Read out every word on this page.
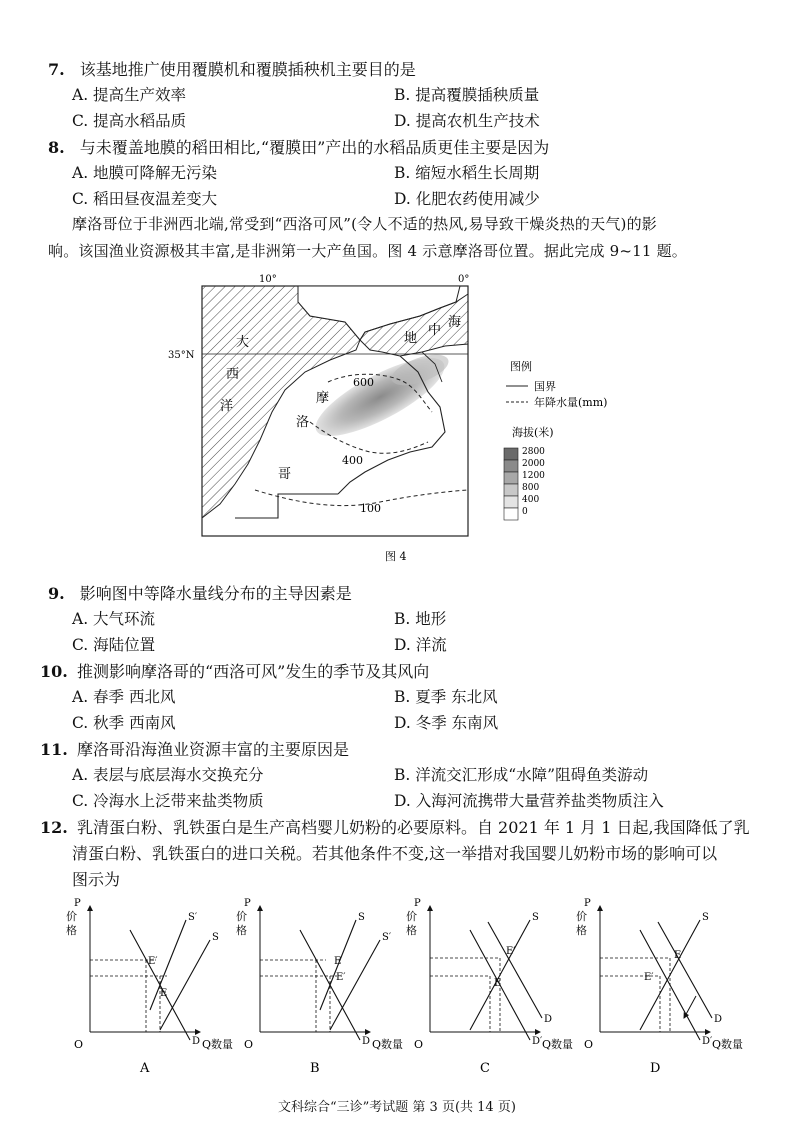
7. 该基地推广使用覆膜机和覆膜插秧机主要目的是
A. 提高生产效率	B. 提高覆膜插秧质量
C. 提高水稻品质	D. 提高农机生产技术
8. 与未覆盖地膜的稻田相比,“覆膜田”产出的水稻品质更佳主要是因为
A. 地膜可降解无污染	B. 缩短水稻生长周期
C. 稻田昼夜温差变大	D. 化肥农药使用减少
摩洛哥位于非洲西北端,常受到“西洛可风”(令人不适的热风,易导致干燥炎热的天气)的影
响。该国渔业资源极其丰富,是非洲第一大产鱼国。图 4 示意摩洛哥位置。据此完成 9~11 题。
10°	0°
35°N
大
西
洋
地
中
海
摩
洛
哥
600
400
100
图 4
图例
国界
年降水量(mm)
海拔(米)
2800
2000
1200
800
400
0
9. 影响图中等降水量线分布的主导因素是
A. 大气环流	B. 地形
C. 海陆位置	D. 洋流
10. 推测影响摩洛哥的“西洛可风”发生的季节及其风向
A. 春季 西北风	B. 夏季 东北风
C. 秋季 西南风	D. 冬季 东南风
11. 摩洛哥沿海渔业资源丰富的主要原因是
A. 表层与底层海水交换充分	B. 洋流交汇形成“水障”阻碍鱼类游动
C. 冷海水上泛带来盐类物质	D. 入海河流携带大量营养盐类物质注入
12. 乳清蛋白粉、乳铁蛋白是生产高档婴儿奶粉的必要原料。自 2021 年 1 月 1 日起,我国降低了乳
清蛋白粉、乳铁蛋白的进口关税。若其他条件不变,这一举措对我国婴儿奶粉市场的影响可以
图示为
P
价
格
O	Q数量
S′
S
D
E′
E
A
P
价
格
O	Q数量
S
S′
D
E
E′
B
P
价
格
O	Q数量
S
D′
D
E′
E
C
P
价
格
O	Q数量
S
D
D′
E
E′
D
文科综合“三诊”考试题 第 3 页(共 14 页)
